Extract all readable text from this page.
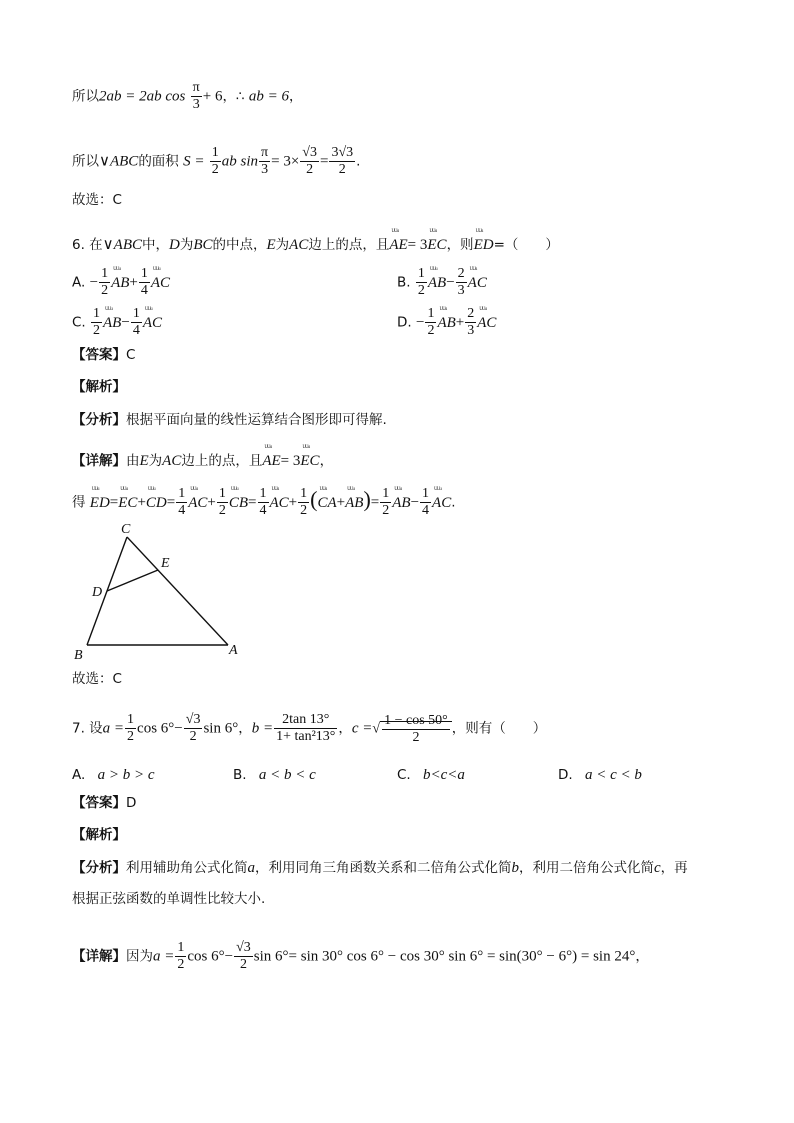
所以2ab = 2ab $\cos \frac{\pi}{3} + 6$，∴ ab = 6，
所以∨ABC的面积 $S = \frac{1}{2}$ ab $\sin \frac{\pi}{3} = 3\times \frac{√3}{2} = \frac{3√3}{2}$ .
故选：C
6. 在∨ABC中，D为BC的中点，E为AC边上的点，且ᵁᵁᵘ AE= 3ᵁᵁᵘ EC，则ᵁᵁᵘ ED=（　　）
A. − $\frac{1}{2}$ ᵁᵁᵘ $AB+ \frac{1}{4}$ ᵁᵁᵘ AC	B. $\frac{1}{2}$ ᵁᵁᵘ $AB- \frac{2}{3}$ ᵁᵁᵘ AC
C. $\frac{1}{2}$ ᵁᵁᵘ $AB- \frac{1}{4}$ ᵁᵁᵘ AC	D. − $\frac{1}{2}$ ᵁᵁᵘ $AB+ \frac{2}{3}$ ᵁᵁᵘ AC
【答案】C
【解析】
【分析】根据平面向量的线性运算结合图形即可得解.
【详解】由E为AC边上的点，且ᵁᵁᵘ AE= 3ᵁᵁᵘ EC，
得 ᵁᵁᵘ ED=ᵁᵁᵘ EC+ᵁᵁᵘ $CD= \frac{1}{4}$ ᵁᵁᵘ $AC+ \frac{1}{2}$ ᵁᵁᵘ $CB= \frac{1}{4}$ ᵁᵁᵘ $AC+ \frac{1}{2}$ (ᵁᵁᵘ CA+ᵁᵁᵘ $AB)= \frac{1}{2}$ ᵁᵁᵘ $AB- \frac{1}{4}$ ᵁᵁᵘ AC.
C
E
D
B	A
故选：C
7. 设$a = \frac{1}{2}$ $\cos 6^\circ- \frac{√3}{2}$ sin 6°，$b = \frac{2\tan 13^\circ}{\text{1+ tan²13°}}$ ，c =√ $\frac{1 - \cos 50^\circ}{2}$ ，则有（　　）
A. a > b > c	B. a < b < c	C. b<c<a	D. a < c < b
【答案】D
【解析】
【分析】利用辅助角公式化简a，利用同角三角函数关系和二倍角公式化简b，利用二倍角公式化简c，再
根据正弦函数的单调性比较大小.
【详解】因为$a = \frac{1}{2}$ $\cos 6^\circ- \frac{√3}{2}$ sin 6°= sin 30° cos 6° − cos 30° sin 6° = sin(30° − 6°) = sin 24°，
